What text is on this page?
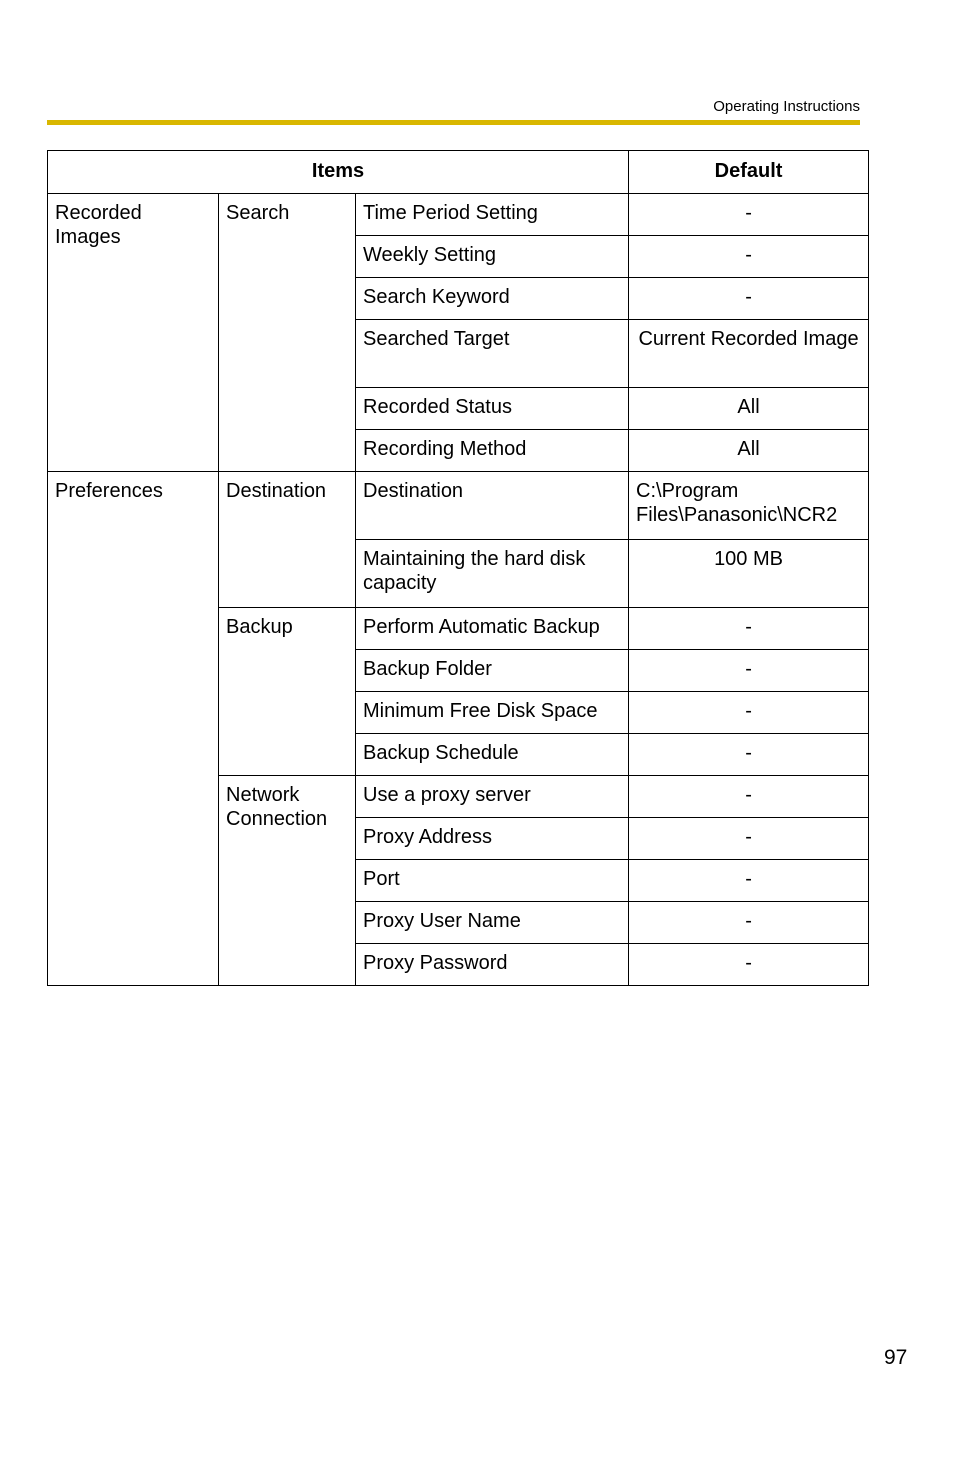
Operating Instructions
Items			Default
Recorded Images	Search	Time Period Setting	-
		Weekly Setting	-
		Search Keyword	-
		Searched Target	Current Recorded Image
		Recorded Status	All
		Recording Method	All
Preferences	Destination	Destination	C:\Program Files\Panasonic\NCR2
		Maintaining the hard disk capacity	100 MB
	Backup	Perform Automatic Backup	-
		Backup Folder	-
		Minimum Free Disk Space	-
		Backup Schedule	-
	Network Connection	Use a proxy server	-
		Proxy Address	-
		Port	-
		Proxy User Name	-
		Proxy Password	-
97
